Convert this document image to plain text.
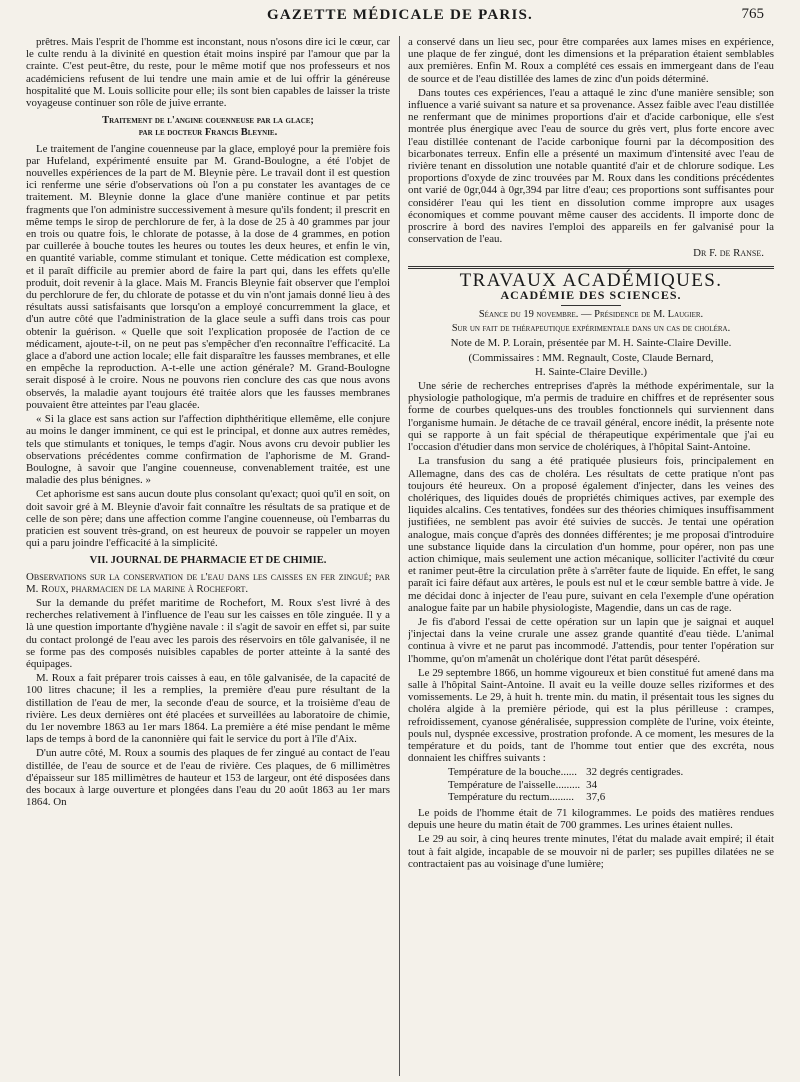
GAZETTE MÉDICALE DE PARIS.	765

prêtres. Mais l'esprit de l'homme est inconstant, nous n'osons dire ici le cœur, car le culte rendu à la divinité en question était moins inspiré par l'amour que par la crainte. C'est peut-être, du reste, pour le même motif que nos professeurs et nos académiciens refusent de lui tendre une main amie et de lui offrir la généreuse hospitalité que M. Louis sollicite pour elle; ils sont bien capables de laisser la triste voyageuse continuer son rôle de juive errante.

Traitement de l'angine couenneuse par la glace;
par le docteur Francis Bleynie.

Le traitement de l'angine couenneuse par la glace, employé pour la première fois par Hufeland, expérimenté ensuite par M. Grand-Boulogne, a été l'objet de nouvelles expériences de la part de M. Bleynie père. Le travail dont il est question ici renferme une série d'observations où l'on a pu constater les avantages de ce traitement. M. Bleynie donne la glace d'une manière continue et par petits fragments que l'on administre successivement à mesure qu'ils fondent; il prescrit en même temps le sirop de perchlorure de fer, à la dose de 25 à 40 grammes par jour en trois ou quatre fois, le chlorate de potasse, à la dose de 4 grammes, en potion par cuillerée à bouche toutes les heures ou toutes les deux heures, et enfin le vin, en quantité variable, comme stimulant et tonique. Cette médication est complexe, et il paraît difficile au premier abord de faire la part qui, dans les effets qu'elle produit, doit revenir à la glace. Mais M. Francis Bleynie fait observer que l'emploi du perchlorure de fer, du chlorate de potasse et du vin n'ont jamais donné lieu à des résultats aussi satisfaisants que lorsqu'on a employé concurremment la glace, et d'un autre côté que l'administration de la glace seule a suffi dans trois cas pour obtenir la guérison. « Quelle que soit l'explication proposée de l'action de ce médicament, ajoute-t-il, on ne peut pas s'empêcher d'en reconnaître l'efficacité. La glace a d'abord une action locale; elle fait disparaître les fausses membranes, et elle en empêche la reproduction. A-t-elle une action générale? M. Grand-Boulogne serait disposé à le croire. Nous ne pouvons rien conclure des cas que nous avons observés, la maladie ayant toujours été traitée alors que les fausses membranes pouvaient être atteintes par l'eau glacée.

« Si la glace est sans action sur l'affection diphthéritique ellemême, elle conjure au moins le danger imminent, ce qui est le principal, et donne aux autres remèdes, tels que stimulants et toniques, le temps d'agir. Nous avons cru devoir publier les observations précédentes comme confirmation de l'aphorisme de M. Grand-Boulogne, à savoir que l'angine couenneuse, convenablement traitée, est une maladie des plus bénignes. »

Cet aphorisme est sans aucun doute plus consolant qu'exact; quoi qu'il en soit, on doit savoir gré à M. Bleynie d'avoir fait connaître les résultats de sa pratique et de celle de son père; dans une affection comme l'angine couenneuse, où l'embarras du praticien est souvent très-grand, on est heureux de pouvoir se rappeler un moyen qui a paru joindre l'efficacité à la simplicité.

VII. JOURNAL DE PHARMACIE ET DE CHIMIE.

Observations sur la conservation de l'eau dans les caisses en fer zingué; par M. Roux, pharmacien de la marine à Rochefort.

Sur la demande du préfet maritime de Rochefort, M. Roux s'est livré à des recherches relativement à l'influence de l'eau sur les caisses en tôle zinguée. Il y a là une question importante d'hygiène navale : il s'agit de savoir en effet si, par suite du contact prolongé de l'eau avec les parois des réservoirs en tôle galvanisée, il ne se forme pas des composés nuisibles capables de porter atteinte à la santé des équipages.

M. Roux a fait préparer trois caisses à eau, en tôle galvanisée, de la capacité de 100 litres chacune; il les a remplies, la première d'eau pure résultant de la distillation de l'eau de mer, la seconde d'eau de source, et la troisième d'eau de rivière. Les deux dernières ont été placées et surveillées au laboratoire de chimie, du 1er novembre 1863 au 1er mars 1864. La première a été mise pendant le même laps de temps à bord de la canonnière qui fait le service du port à l'île d'Aix.

D'un autre côté, M. Roux a soumis des plaques de fer zingué au contact de l'eau distillée, de l'eau de source et de l'eau de rivière. Ces plaques, de 6 millimètres d'épaisseur sur 185 millimètres de hauteur et 153 de largeur, ont été disposées dans des bocaux à large ouverture et plongées dans l'eau du 20 août 1863 au 1er mars 1864. On

a conservé dans un lieu sec, pour être comparées aux lames mises en expérience, une plaque de fer zingué, dont les dimensions et la préparation étaient semblables aux premières. Enfin M. Roux a complété ces essais en immergeant dans de l'eau de source et de l'eau distillée des lames de zinc d'un poids déterminé.

Dans toutes ces expériences, l'eau a attaqué le zinc d'une manière sensible; son influence a varié suivant sa nature et sa provenance. Assez faible avec l'eau distillée ne renfermant que de minimes proportions d'air et d'acide carbonique, elle s'est montrée plus énergique avec l'eau de source du grès vert, plus forte encore avec l'eau distillée contenant de l'acide carbonique fourni par la décomposition des bicarbonates terreux. Enfin elle a présenté un maximum d'intensité avec l'eau de rivière tenant en dissolution une notable quantité d'air et de chlorure sodique. Les proportions d'oxyde de zinc trouvées par M. Roux dans les conditions précédentes ont varié de 0gr,044 à 0gr,394 par litre d'eau; ces proportions sont suffisantes pour considérer l'eau qui les tient en dissolution comme impropre aux usages économiques et comme pouvant même causer des accidents. Il importe donc de proscrire à bord des navires l'emploi des appareils en fer galvanisé pour la conservation de l'eau.

Dr F. de Ranse.

TRAVAUX ACADÉMIQUES.
ACADÉMIE DES SCIENCES.

Séance du 19 novembre. — Présidence de M. Laugier.

Sur un fait de thérapeutique expérimentale dans un cas de choléra.

Note de M. P. Lorain, présentée par M. H. Sainte-Claire Deville.

(Commissaires : MM. Regnault, Coste, Claude Bernard,

H. Sainte-Claire Deville.)

Une série de recherches entreprises d'après la méthode expérimentale, sur la physiologie pathologique, m'a permis de traduire en chiffres et de représenter sous forme de courbes quelques-uns des troubles fonctionnels qui surviennent dans l'organisme humain. Je détache de ce travail général, encore inédit, la présente note qui se rapporte à un fait spécial de thérapeutique expérimentale que j'ai eu l'occasion d'étudier dans mon service de cholériques, à l'hôpital Saint-Antoine.

La transfusion du sang a été pratiquée plusieurs fois, principalement en Allemagne, dans des cas de choléra. Les résultats de cette pratique n'ont pas toujours été heureux. On a proposé également d'injecter, dans les veines des cholériques, des liquides doués de propriétés chimiques actives, par exemple des liquides alcalins. Ces tentatives, fondées sur des théories chimiques insuffisamment justifiées, ne semblent pas avoir été suivies de succès. Je tentai une opération analogue, mais conçue d'après des données différentes; je me proposai d'introduire une substance liquide dans la circulation d'un homme, pour opérer, non pas une action chimique, mais seulement une action mécanique, solliciter l'activité du cœur et ranimer peut-être la circulation prête à s'arrêter faute de liquide. En effet, le sang paraît ici faire défaut aux artères, le pouls est nul et le cœur semble battre à vide. Je me décidai donc à injecter de l'eau pure, suivant en cela l'exemple d'une opération analogue faite par un habile physiologiste, Magendie, dans un cas de rage.

Je fis d'abord l'essai de cette opération sur un lapin que je saignai et auquel j'injectai dans la veine crurale une assez grande quantité d'eau tiède. L'animal continua à vivre et ne parut pas incommodé. J'attendis, pour tenter l'opération sur l'homme, qu'on m'amenât un cholérique dont l'état parût désespéré.

Le 29 septembre 1866, un homme vigoureux et bien constitué fut amené dans ma salle à l'hôpital Saint-Antoine. Il avait eu la veille douze selles riziformes et des vomissements. Le 29, à huit h. trente min. du matin, il présentait tous les signes du choléra algide à la première période, qui est la plus périlleuse : crampes, refroidissement, cyanose généralisée, suppression complète de l'urine, voix éteinte, pouls nul, dyspnée excessive, prostration profonde. A ce moment, les mesures de la température et du poids, tant de l'homme tout entier que des excréta, nous donnaient les chiffres suivants :

Température de la bouche......	32 degrés centigrades.
Température de l'aisselle.........	34
Température du rectum.........	37,6

Le poids de l'homme était de 71 kilogrammes. Le poids des matières rendues depuis une heure du matin était de 700 grammes. Les urines étaient nulles.

Le 29 au soir, à cinq heures trente minutes, l'état du malade avait empiré; il était tout à fait algide, incapable de se mouvoir ni de parler; ses pupilles dilatées ne se contractaient pas au voisinage d'une lumière;
